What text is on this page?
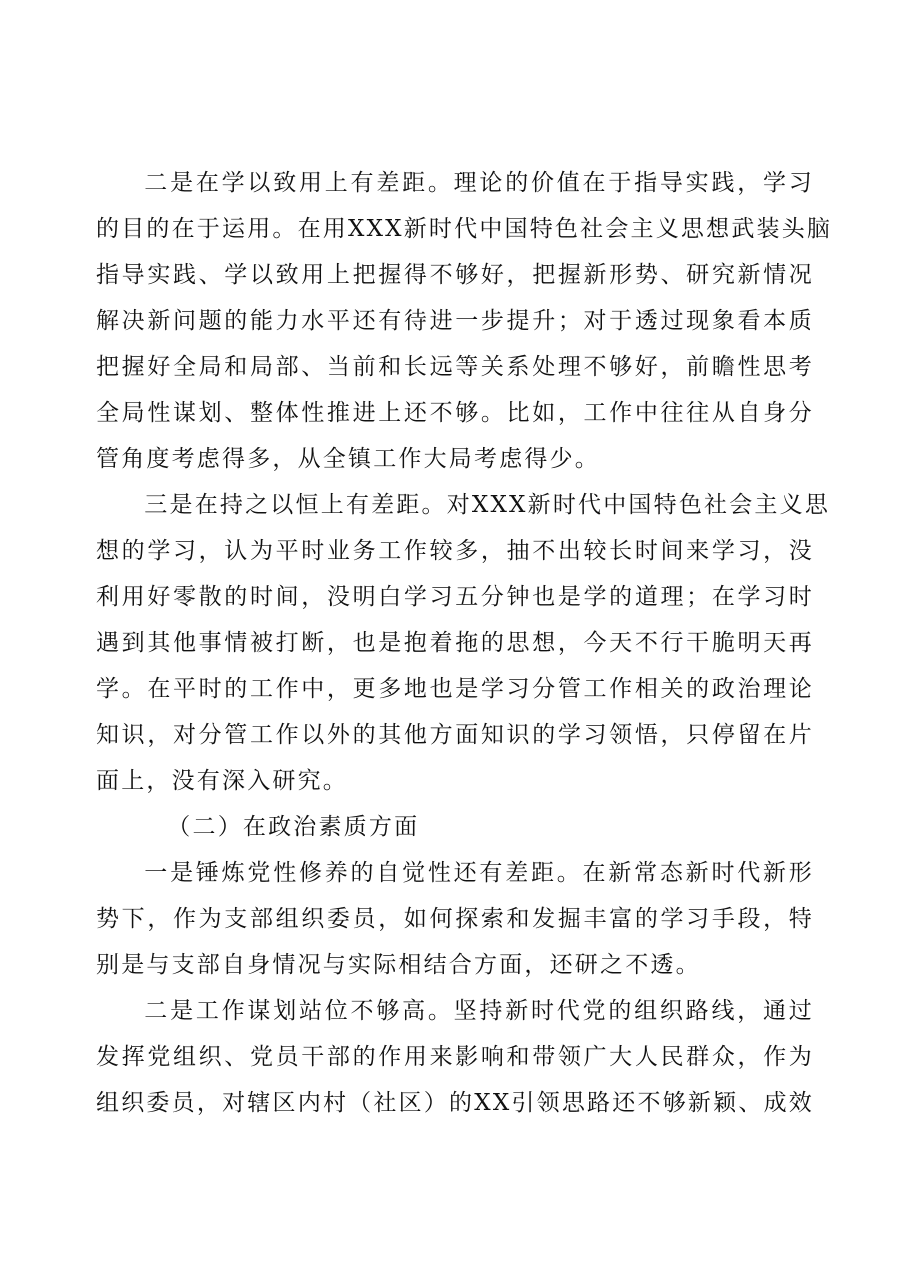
二是在学以致用上有差距。理论的价值在于指导实践，学习
的目的在于运用。在用XXX新时代中国特色社会主义思想武装头脑
指导实践、学以致用上把握得不够好，把握新形势、研究新情况
解决新问题的能力水平还有待进一步提升；对于透过现象看本质
把握好全局和局部、当前和长远等关系处理不够好，前瞻性思考
全局性谋划、整体性推进上还不够。比如，工作中往往从自身分
管角度考虑得多，从全镇工作大局考虑得少。
三是在持之以恒上有差距。对XXX新时代中国特色社会主义思
想的学习，认为平时业务工作较多，抽不出较长时间来学习，没
利用好零散的时间，没明白学习五分钟也是学的道理；在学习时
遇到其他事情被打断，也是抱着拖的思想，今天不行干脆明天再
学。在平时的工作中，更多地也是学习分管工作相关的政治理论
知识，对分管工作以外的其他方面知识的学习领悟，只停留在片
面上，没有深入研究。
（二）在政治素质方面
一是锤炼党性修养的自觉性还有差距。在新常态新时代新形
势下，作为支部组织委员，如何探索和发掘丰富的学习手段，特
别是与支部自身情况与实际相结合方面，还研之不透。
二是工作谋划站位不够高。坚持新时代党的组织路线，通过
发挥党组织、党员干部的作用来影响和带领广大人民群众，作为
组织委员，对辖区内村（社区）的XX引领思路还不够新颖、成效
